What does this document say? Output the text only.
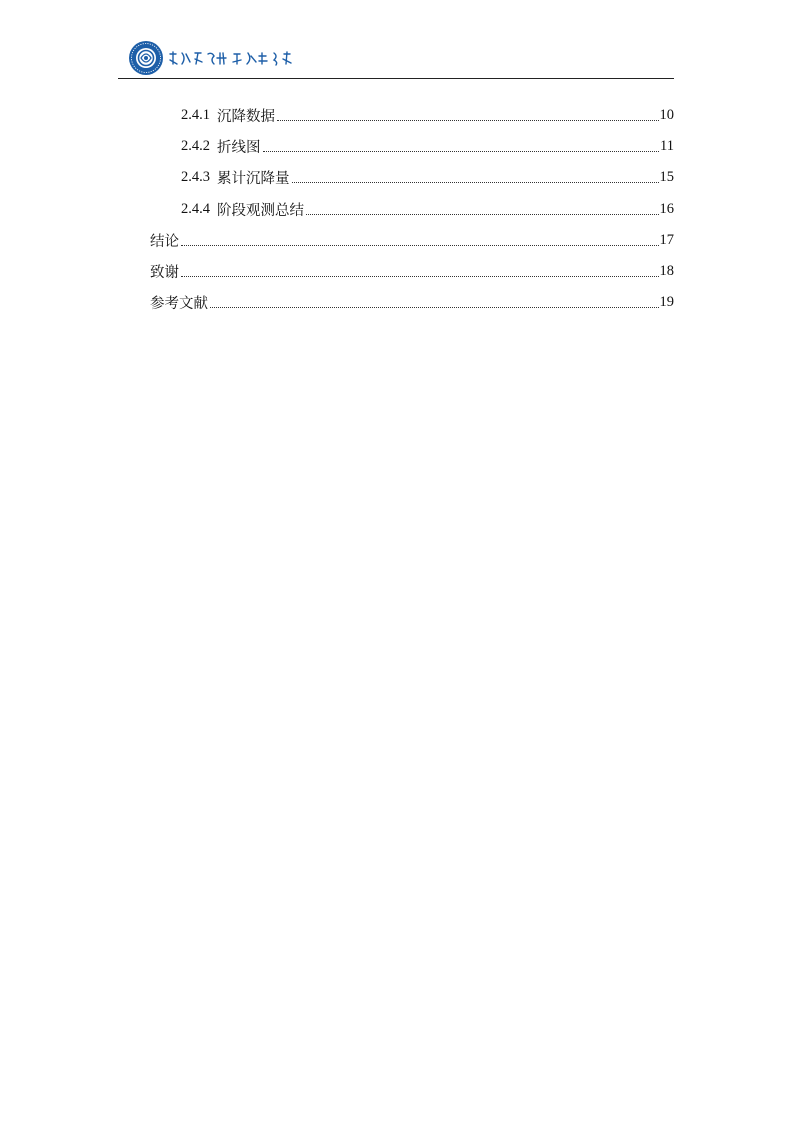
2.4.1 沉降数据	10
2.4.2 折线图	11
2.4.3 累计沉降量	15
2.4.4 阶段观测总结	16
结论	17
致谢	18
参考文献	19
